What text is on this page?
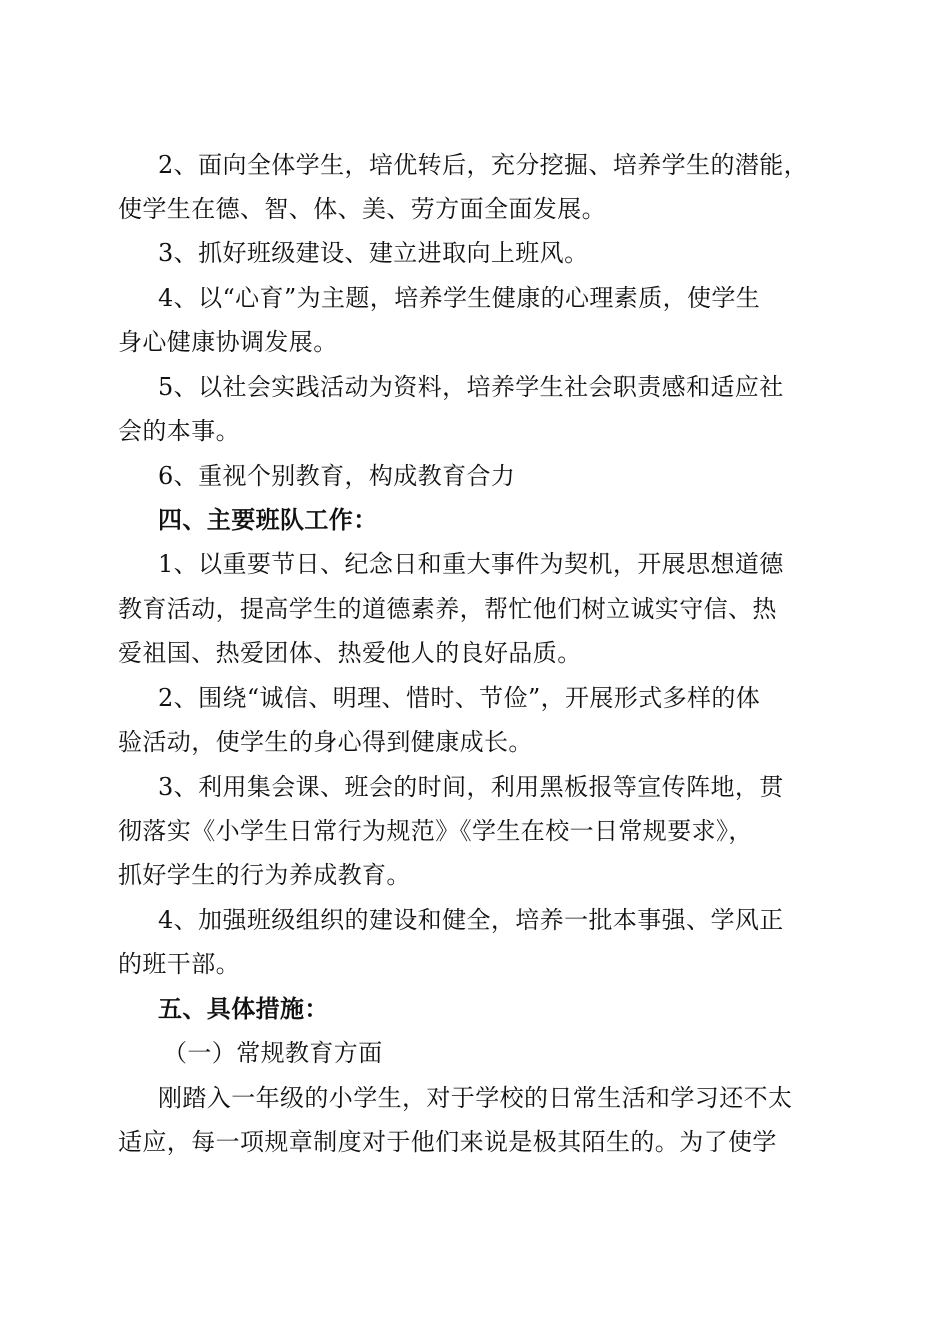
2、面向全体学生，培优转后，充分挖掘、培养学生的潜能，
使学生在德、智、体、美、劳方面全面发展。
3、抓好班级建设、建立进取向上班风。
4、以“心育”为主题，培养学生健康的心理素质，使学生
身心健康协调发展。
5、以社会实践活动为资料，培养学生社会职责感和适应社
会的本事。
6、重视个别教育，构成教育合力
四、主要班队工作：
1、以重要节日、纪念日和重大事件为契机，开展思想道德
教育活动，提高学生的道德素养，帮忙他们树立诚实守信、热
爱祖国、热爱团体、热爱他人的良好品质。
2、围绕“诚信、明理、惜时、节俭”，开展形式多样的体
验活动，使学生的身心得到健康成长。
3、利用集会课、班会的时间，利用黑板报等宣传阵地，贯
彻落实《小学生日常行为规范》《学生在校一日常规要求》，
抓好学生的行为养成教育。
4、加强班级组织的建设和健全，培养一批本事强、学风正
的班干部。
五、具体措施：
（一）常规教育方面
刚踏入一年级的小学生，对于学校的日常生活和学习还不太
适应，每一项规章制度对于他们来说是极其陌生的。为了使学
